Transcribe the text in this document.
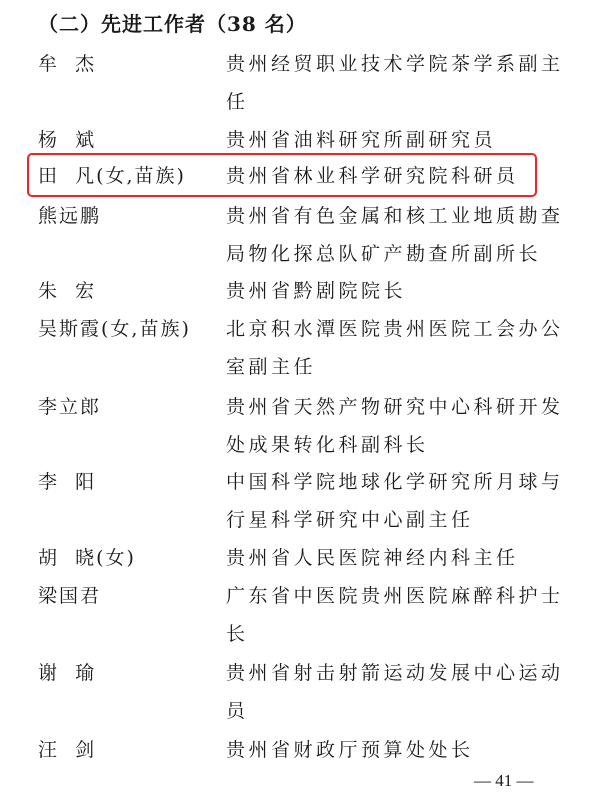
（二）先进工作者（38 名）
牟  杰	贵州经贸职业技术学院茶学系副主任
杨  斌	贵州省油料研究所副研究员
田  凡(女,苗族) 贵州省林业科学研究院科研员
熊远鹏	贵州省有色金属和核工业地质勘查局物化探总队矿产勘查所副所长
朱  宏	贵州省黔剧院院长
吴斯霞(女,苗族) 北京积水潭医院贵州医院工会办公室副主任
李立郎	贵州省天然产物研究中心科研开发处成果转化科副科长
李  阳	中国科学院地球化学研究所月球与行星科学研究中心副主任
胡  晓(女)	贵州省人民医院神经内科主任
梁国君	广东省中医院贵州医院麻醉科护士长
谢  瑜	贵州省射击射箭运动发展中心运动员
汪  剑	贵州省财政厅预算处处长
— 41 —
